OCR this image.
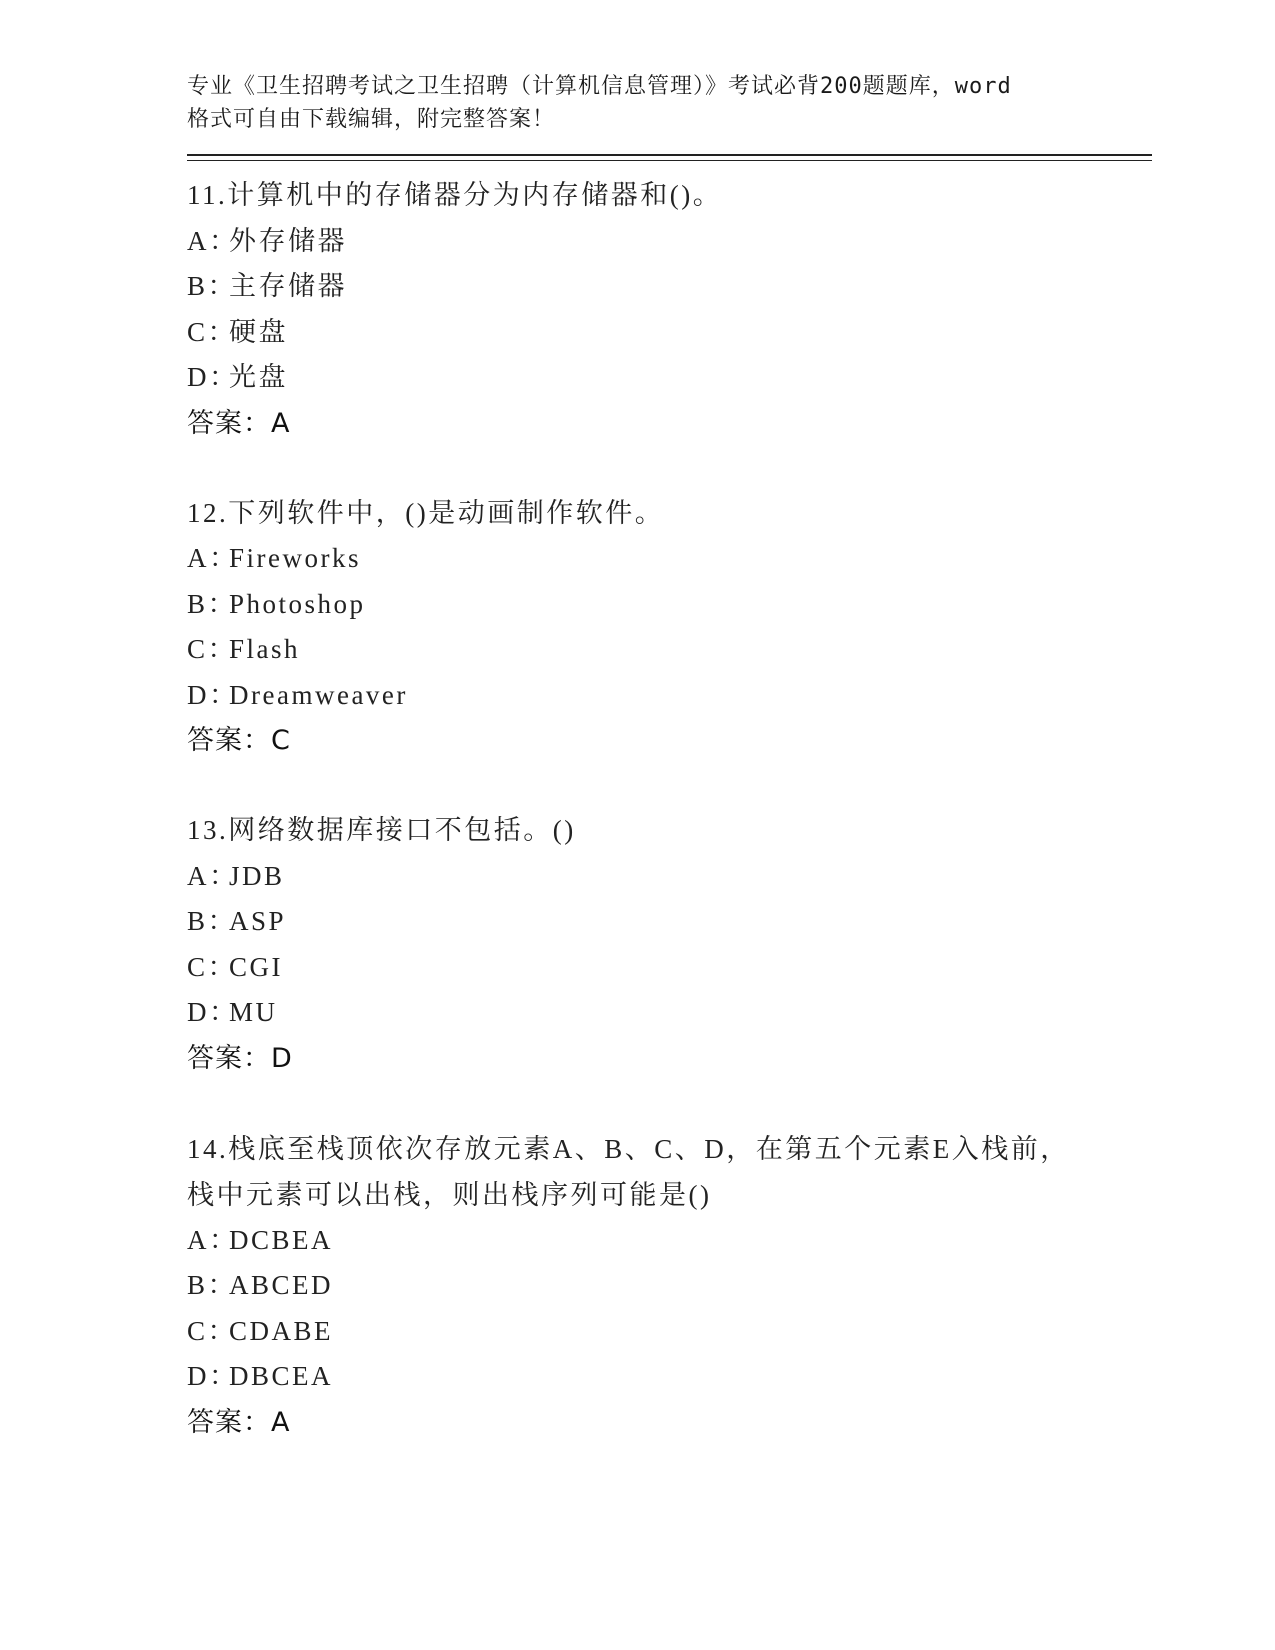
专业《卫生招聘考试之卫生招聘（计算机信息管理）》考试必背200题题库，word
格式可自由下载编辑，附完整答案！
11.计算机中的存储器分为内存储器和()。
A：外存储器
B：主存储器
C：硬盘
D：光盘
答案：A
12.下列软件中，()是动画制作软件。
A：Fireworks
B：Photoshop
C：Flash
D：Dreamweaver
答案：C
13.网络数据库接口不包括。()
A：JDB
B：ASP
C：CGI
D：MU
答案：D
14.栈底至栈顶依次存放元素A、B、C、D，在第五个元素E入栈前，栈中元素可以出栈，则出栈序列可能是()
A：DCBEA
B：ABCED
C：CDABE
D：DBCEA
答案：A
